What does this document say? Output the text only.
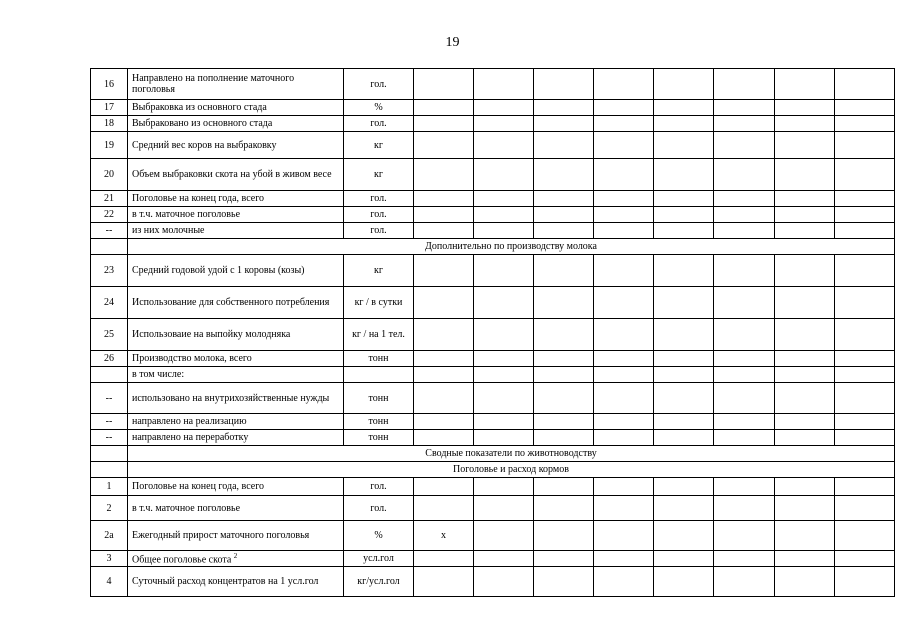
19
16	Направлено на пополнение маточного поголовья	гол.								
17	Выбраковка из основного стада	%								
18	Выбраковано из основного стада	гол.								
19	Средний вес коров на выбраковку	кг								
20	Объем выбраковки скота на убой в живом весе	кг								
21	Поголовье на конец года, всего	гол.								
22	в т.ч. маточное поголовье	гол.								
--	из них молочные	гол.								
	Дополнительно по производству молока									
23	Средний годовой удой с 1 коровы (козы)	кг								
24	Использование для собственного потребления	кг / в сутки								
25	Использоваие на выпойку молодняка	кг / на 1 тел.								
26	Производство молока, всего	тонн								
	в том числе:									
--	использовано на внутрихозяйственные нужды	тонн								
--	направлено на реализацию	тонн								
--	направлено на переработку	тонн								
	Сводные показатели по животноводству									
	Поголовье и расход кормов									
1	Поголовье на конец года, всего	гол.								
2	в т.ч. маточное поголовье	гол.								
2а	Ежегодный прирост маточного поголовья	%	х							
3	Общее поголовье скота $^2$	усл.гол								
4	Суточный расход концентратов на 1 усл.гол	кг/усл.гол								
